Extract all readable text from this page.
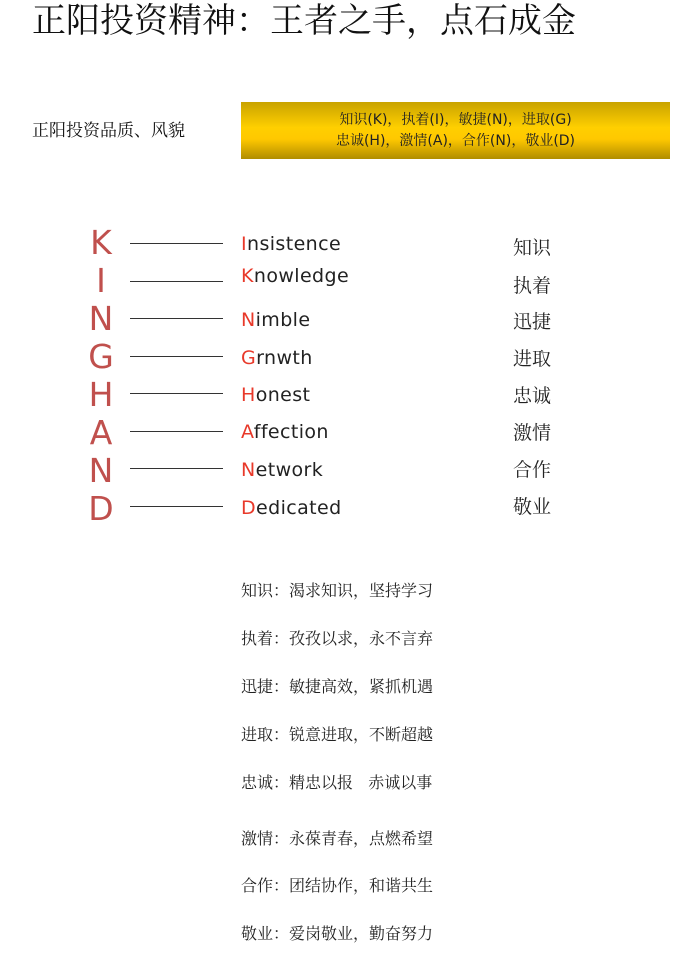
正阳投资精神：王者之手，点石成金
正阳投资品质、风貌
知识(K)，执着(I)，敏捷(N)，进取(G)
忠诚(H)，激情(A)，合作(N)，敬业(D)
K	Insistence	知识
I	Knowledge	执着
N	Nimble	迅捷
G	Grnwth	进取
H	Honest	忠诚
A	Affection	激情
N	Network	合作
D	Dedicated	敬业
知识：渴求知识，坚持学习
执着：孜孜以求，永不言弃
迅捷：敏捷高效，紧抓机遇
进取：锐意进取，不断超越
忠诚：精忠以报   赤诚以事
激情：永葆青春，点燃希望
合作：团结协作，和谐共生
敬业：爱岗敬业，勤奋努力
